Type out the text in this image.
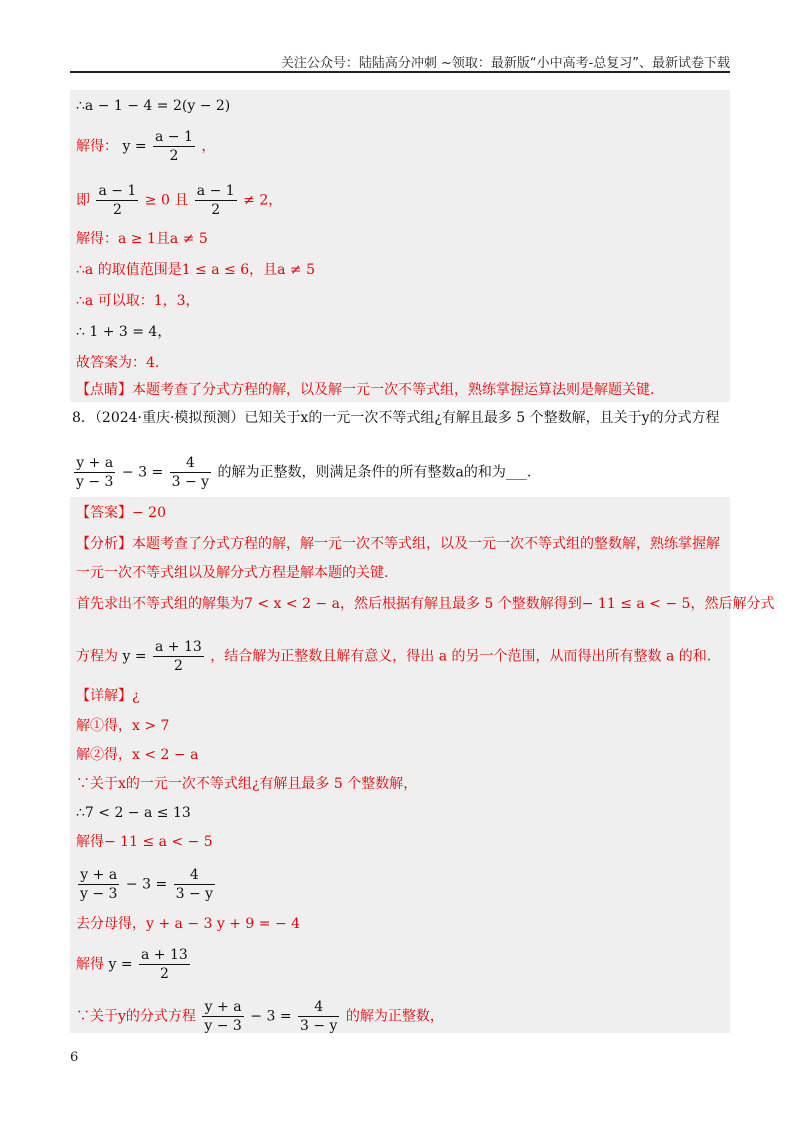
关注公众号：陆陆高分冲刺 ~领取：最新版“小中高考-总复习”、最新试卷下载
∴a − 1 − 4 = 2(y − 2)
解得： $y = \frac{a - 1}{2}$ ，
即 $\frac{a - 1}{2} \ge 0$ 且 $\frac{a - 1}{2} \ne 2$，
解得：a ≥ 1且a ≠ 5
∴a 的取值范围是1 ≤ a ≤ 6，且a ≠ 5
∴a 可以取：1，3，
∴ 1 + 3 = 4，
故答案为：4.
【点睛】本题考查了分式方程的解，以及解一元一次不等式组，熟练掌握运算法则是解题关键.
8．（2024·重庆·模拟预测）已知关于x的一元一次不等式组¿有解且最多 5 个整数解，且关于y的分式方程
$\frac{y + a}{y - 3} - 3 = \frac{4}{3 - y}$ 的解为正整数，则满足条件的所有整数a的和为___.
【答案】− 20
【分析】本题考查了分式方程的解，解一元一次不等式组，以及一元一次不等式组的整数解，熟练掌握解
一元一次不等式组以及解分式方程是解本题的关键.
首先求出不等式组的解集为7 < x < 2 − a，然后根据有解且最多 5 个整数解得到− 11 ≤ a < − 5，然后解分式
方程为 $y = \frac{a + 13}{2}$ ，结合解为正整数且解有意义，得出 a 的另一个范围，从而得出所有整数 a 的和.
【详解】¿
解①得，x > 7
解②得，x < 2 − a
∵关于x的一元一次不等式组¿有解且最多 5 个整数解，
∴7 < 2 − a ≤ 13
解得− 11 ≤ a < − 5
$\frac{y + a}{y - 3} - 3 = \frac{4}{3 - y}$
去分母得，y + a − 3 y + 9 = − 4
解得 $y = \frac{a + 13}{2}$
∵关于y的分式方程 $\frac{y + a}{y - 3} - 3 = \frac{4}{3 - y}$ 的解为正整数，
6
